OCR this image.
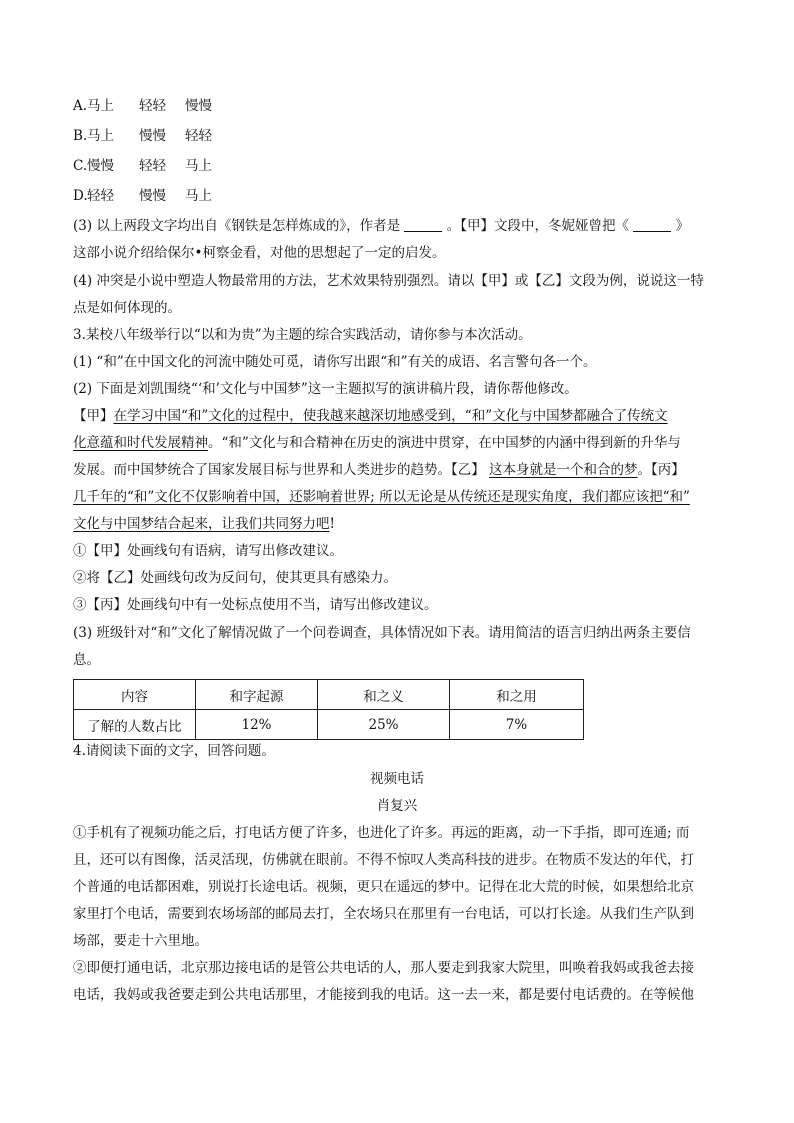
A.马上 轻轻 慢慢
B.马上 慢慢 轻轻
C.慢慢 轻轻 马上
D.轻轻 慢慢 马上
(3) 以上两段文字均出自《钢铁是怎样炼成的》，作者是	。【甲】文段中，冬妮娅曾把《	》
这部小说介绍给保尔•柯察金看，对他的思想起了一定的启发。
(4) 冲突是小说中塑造人物最常用的方法，艺术效果特别强烈。请以【甲】或【乙】文段为例，说说这一特
点是如何体现的。
3.某校八年级举行以“以和为贵”为主题的综合实践活动，请你参与本次活动。
(1) “和”在中国文化的河流中随处可觅，请你写出跟“和”有关的成语、名言警句各一个。
(2) 下面是刘凯围绕“‘和’文化与中国梦”这一主题拟写的演讲稿片段，请你帮他修改。
【甲】在学习中国“和”文化的过程中，使我越来越深切地感受到，“和”文化与中国梦都融合了传统文
化意蕴和时代发展精神。“和”文化与和合精神在历史的演进中贯穿，在中国梦的内涵中得到新的升华与
发展。而中国梦统合了国家发展目标与世界和人类进步的趋势。【乙】 这本身就是一个和合的梦。【丙】
几千年的“和”文化不仅影响着中国，还影响着世界; 所以无论是从传统还是现实角度，我们都应该把“和”
文化与中国梦结合起来，让我们共同努力吧!
①【甲】处画线句有语病，请写出修改建议。
②将【乙】处画线句改为反问句，使其更具有感染力。
③【丙】处画线句中有一处标点使用不当，请写出修改建议。
(3) 班级针对“和”文化了解情况做了一个问卷调查，具体情况如下表。请用简洁的语言归纳出两条主要信
息。
内容	和字起源	和之义	和之用
了解的人数占比	12%	25%	7%
4.请阅读下面的文字，回答问题。
视频电话
肖复兴
①手机有了视频功能之后，打电话方便了许多，也进化了许多。再远的距离，动一下手指，即可连通; 而
且，还可以有图像，活灵活现，仿佛就在眼前。不得不惊叹人类高科技的进步。在物质不发达的年代，打
个普通的电话都困难，别说打长途电话。视频，更只在遥远的梦中。记得在北大荒的时候，如果想给北京
家里打个电话，需要到农场场部的邮局去打，全农场只在那里有一台电话，可以打长途。从我们生产队到
场部，要走十六里地。
②即便打通电话，北京那边接电话的是管公共电话的人，那人要走到我家大院里，叫唤着我妈或我爸去接
电话，我妈或我爸要走到公共电话那里，才能接到我的电话。这一去一来，都是要付电话费的。在等候他
